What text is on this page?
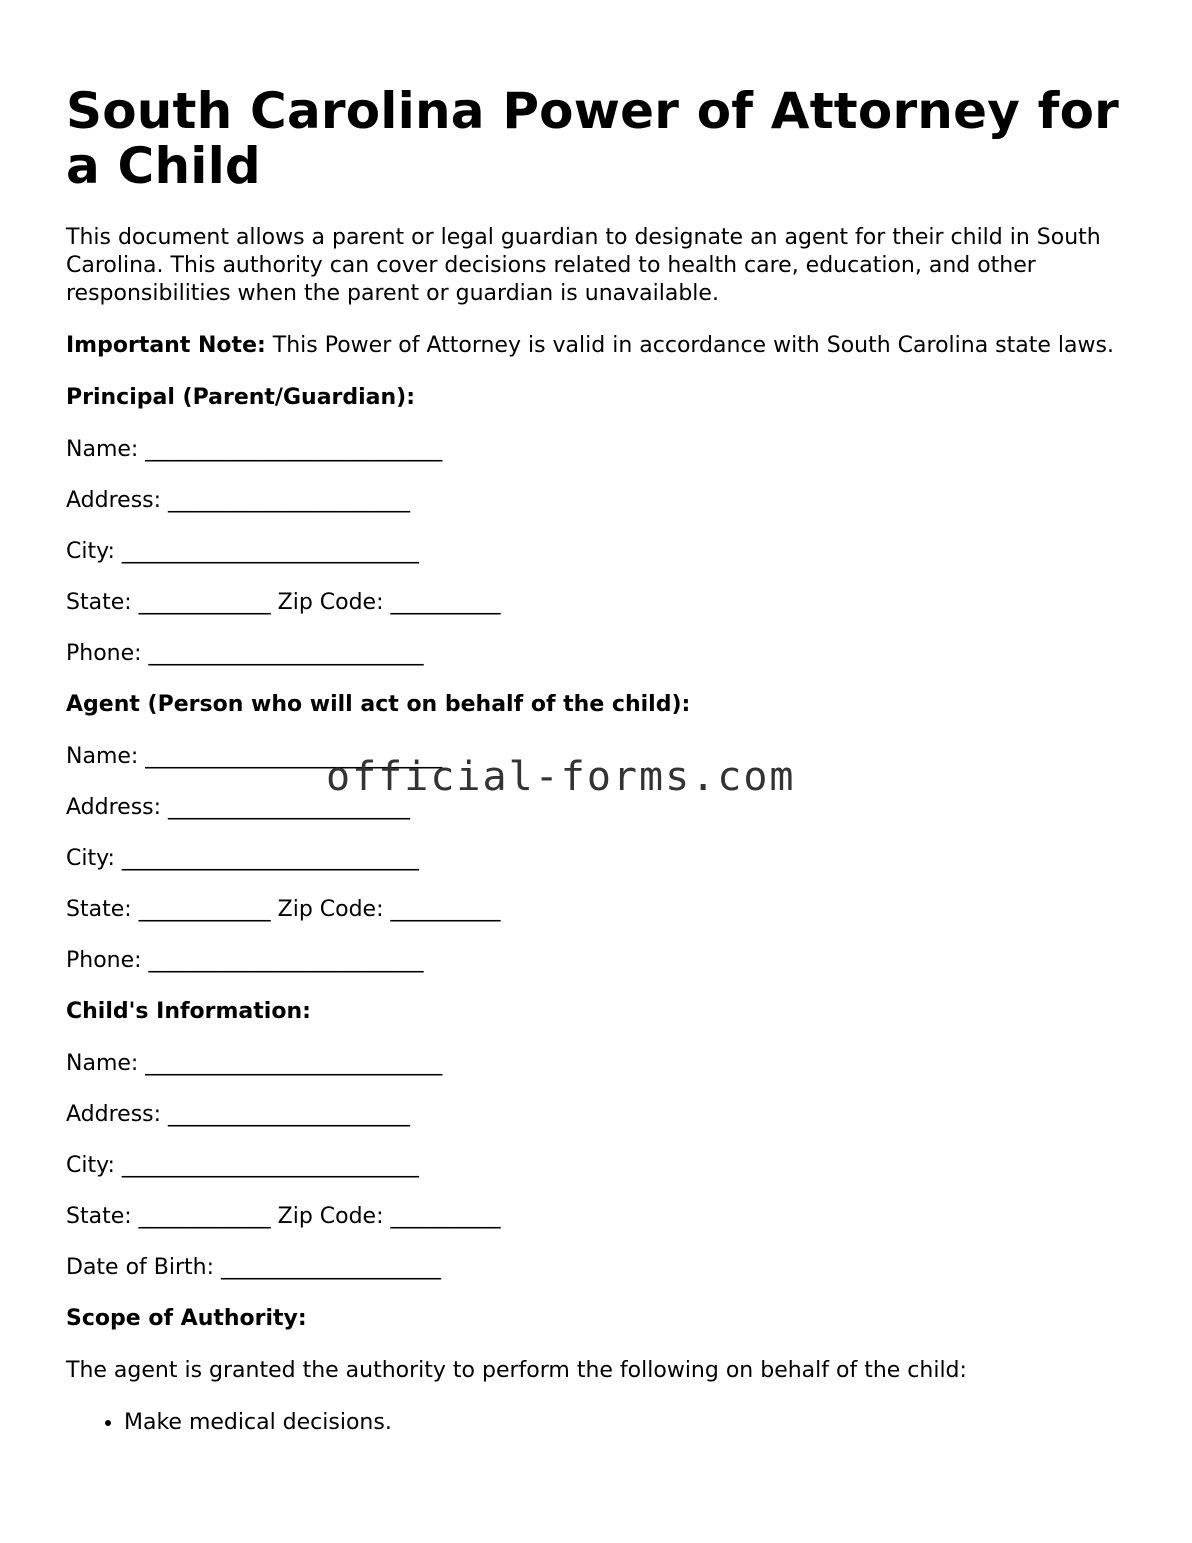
South Carolina Power of Attorney for a Child

This document allows a parent or legal guardian to designate an agent for their child in South Carolina. This authority can cover decisions related to health care, education, and other responsibilities when the parent or guardian is unavailable.

Important Note: This Power of Attorney is valid in accordance with South Carolina state laws.

Principal (Parent/Guardian):

Name: ___________________________
Address: ______________________
City: ___________________________
State: ____________ Zip Code: __________
Phone: _________________________

Agent (Person who will act on behalf of the child):

Name: ___________________________
Address: ______________________
City: ___________________________
State: ____________ Zip Code: __________
Phone: _________________________

Child's Information:

Name: ___________________________
Address: ______________________
City: ___________________________
State: ____________ Zip Code: __________
Date of Birth: ____________________

Scope of Authority:

The agent is granted the authority to perform the following on behalf of the child:

• Make medical decisions.
official-forms.com
